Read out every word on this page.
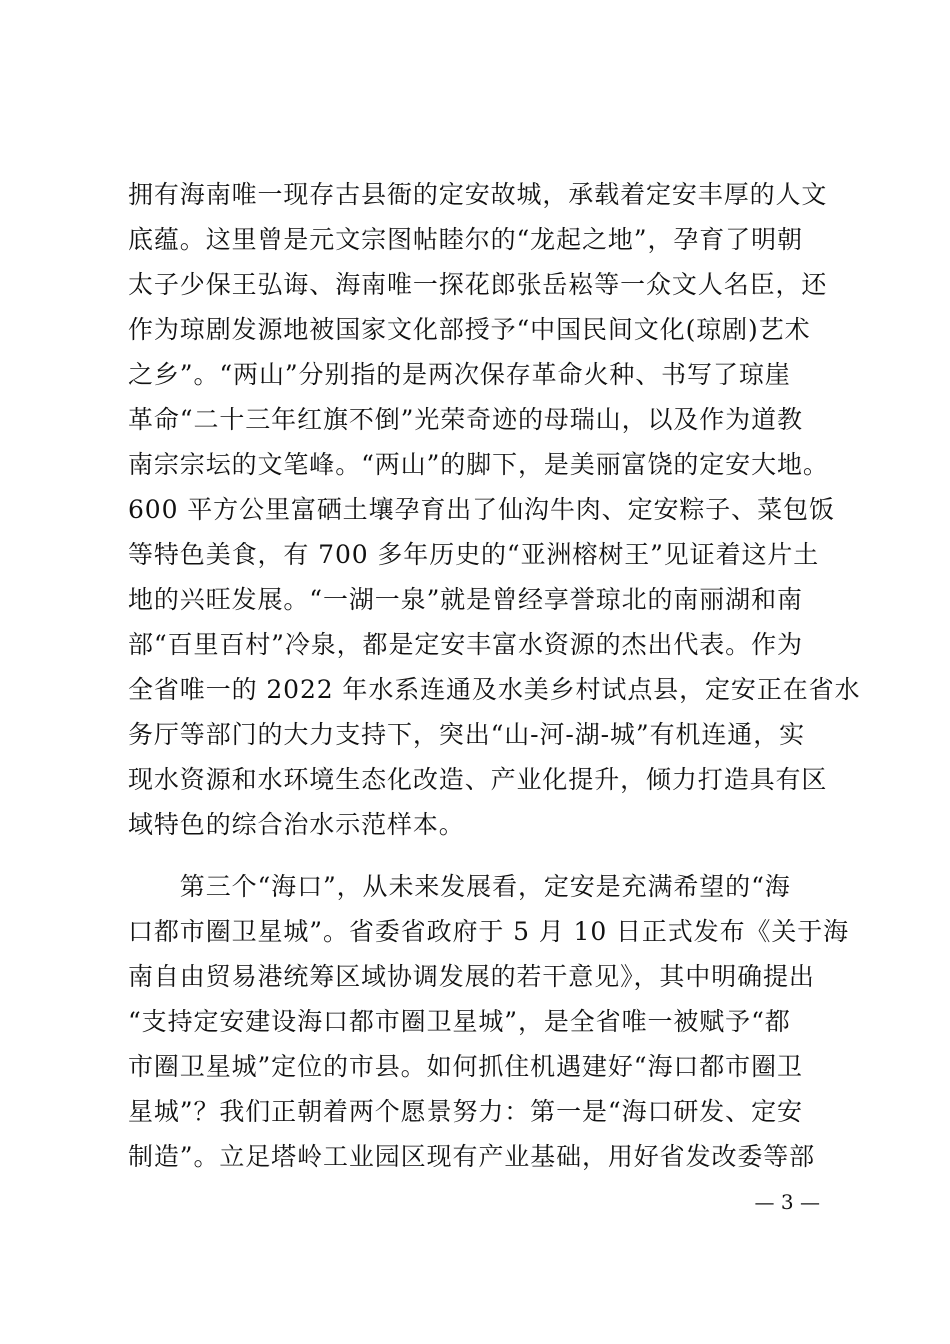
拥有海南唯一现存古县衙的定安故城，承载着定安丰厚的人文
底蕴。这里曾是元文宗图帖睦尔的“龙起之地”，孕育了明朝
太子少保王弘诲、海南唯一探花郎张岳崧等一众文人名臣，还
作为琼剧发源地被国家文化部授予“中国民间文化(琼剧)艺术
之乡”。“两山”分别指的是两次保存革命火种、书写了琼崖
革命“二十三年红旗不倒”光荣奇迹的母瑞山，以及作为道教
南宗宗坛的文笔峰。“两山”的脚下，是美丽富饶的定安大地。
600 平方公里富硒土壤孕育出了仙沟牛肉、定安粽子、菜包饭
等特色美食，有 700 多年历史的“亚洲榕树王”见证着这片土
地的兴旺发展。“一湖一泉”就是曾经享誉琼北的南丽湖和南
部“百里百村”冷泉，都是定安丰富水资源的杰出代表。作为
全省唯一的 2022 年水系连通及水美乡村试点县，定安正在省水
务厅等部门的大力支持下，突出“山-河-湖-城”有机连通，实
现水资源和水环境生态化改造、产业化提升，倾力打造具有区
域特色的综合治水示范样本。
　　第三个“海口”，从未来发展看，定安是充满希望的“海
口都市圈卫星城”。省委省政府于 5 月 10 日正式发布《关于海
南自由贸易港统筹区域协调发展的若干意见》，其中明确提出
“支持定安建设海口都市圈卫星城”，是全省唯一被赋予“都
市圈卫星城”定位的市县。如何抓住机遇建好“海口都市圈卫
星城”？我们正朝着两个愿景努力：第一是“海口研发、定安
制造”。立足塔岭工业园区现有产业基础，用好省发改委等部
— 3 —
